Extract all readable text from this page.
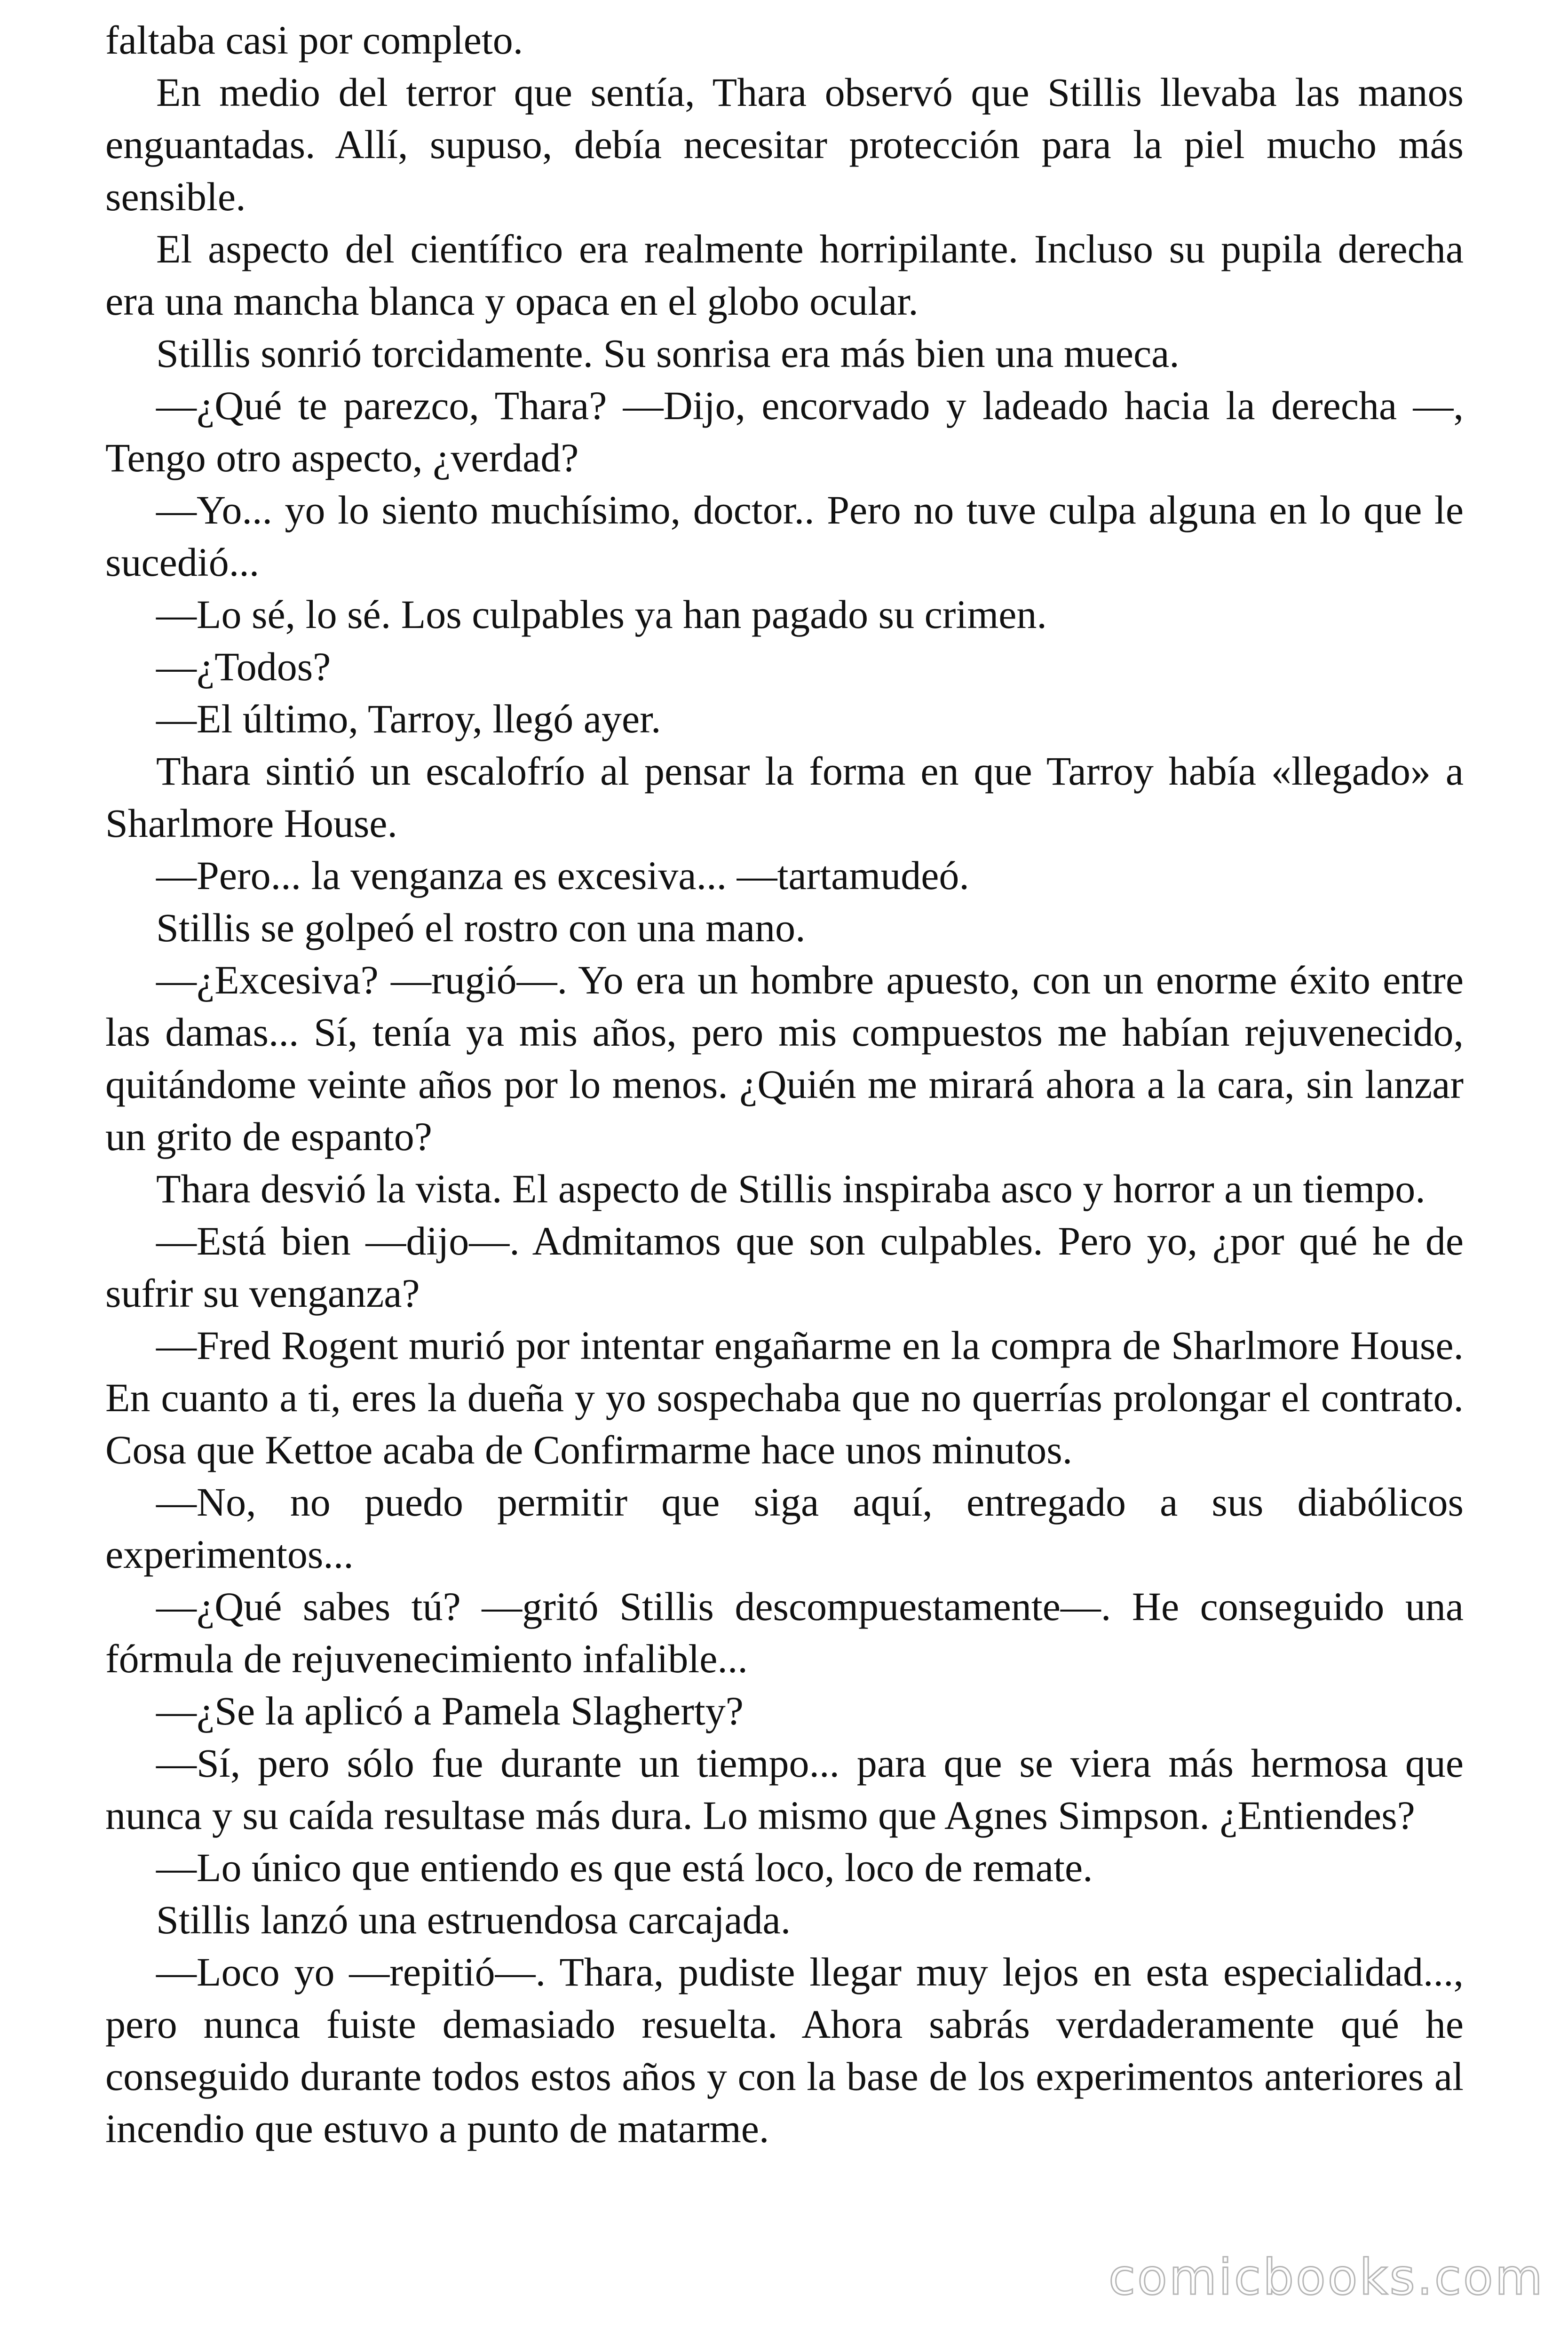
faltaba casi por completo.

En medio del terror que sentía, Thara observó que Stillis llevaba las manos enguantadas. Allí, supuso, debía necesitar protección para la piel mucho más sensible.

El aspecto del científico era realmente horripilante. Incluso su pupila derecha era una mancha blanca y opaca en el globo ocular.

Stillis sonrió torcidamente. Su sonrisa era más bien una mueca.

—¿Qué te parezco, Thara? —Dijo, encorvado y ladeado hacia la derecha —, Tengo otro aspecto, ¿verdad?

—Yo... yo lo siento muchísimo, doctor.. Pero no tuve culpa alguna en lo que le sucedió...

—Lo sé, lo sé. Los culpables ya han pagado su crimen.

—¿Todos?

—El último, Tarroy, llegó ayer.

Thara sintió un escalofrío al pensar la forma en que Tarroy había «llegado» a Sharlmore House.

—Pero... la venganza es excesiva... —tartamudeó.

Stillis se golpeó el rostro con una mano.

—¿Excesiva? —rugió—. Yo era un hombre apuesto, con un enorme éxito entre las damas... Sí, tenía ya mis años, pero mis compuestos me habían rejuvenecido, quitándome veinte años por lo menos. ¿Quién me mirará ahora a la cara, sin lanzar un grito de espanto?

Thara desvió la vista. El aspecto de Stillis inspiraba asco y horror a un tiempo.

—Está bien —dijo—. Admitamos que son culpables. Pero yo, ¿por qué he de sufrir su venganza?

—Fred Rogent murió por intentar engañarme en la compra de Sharlmore House. En cuanto a ti, eres la dueña y yo sospechaba que no querrías prolongar el contrato. Cosa que Kettoe acaba de Confirmarme hace unos minutos.

—No, no puedo permitir que siga aquí, entregado a sus diabólicos experimentos...

—¿Qué sabes tú? —gritó Stillis descompuestamente—. He conseguido una fórmula de rejuvenecimiento infalible...

—¿Se la aplicó a Pamela Slagherty?

—Sí, pero sólo fue durante un tiempo... para que se viera más hermosa que nunca y su caída resultase más dura. Lo mismo que Agnes Simpson. ¿Entiendes?

—Lo único que entiendo es que está loco, loco de remate.

Stillis lanzó una estruendosa carcajada.

—Loco yo —repitió—. Thara, pudiste llegar muy lejos en esta especialidad..., pero nunca fuiste demasiado resuelta. Ahora sabrás verdaderamente qué he conseguido durante todos estos años y con la base de los experimentos anteriores al incendio que estuvo a punto de matarme.

comicbooks.com
